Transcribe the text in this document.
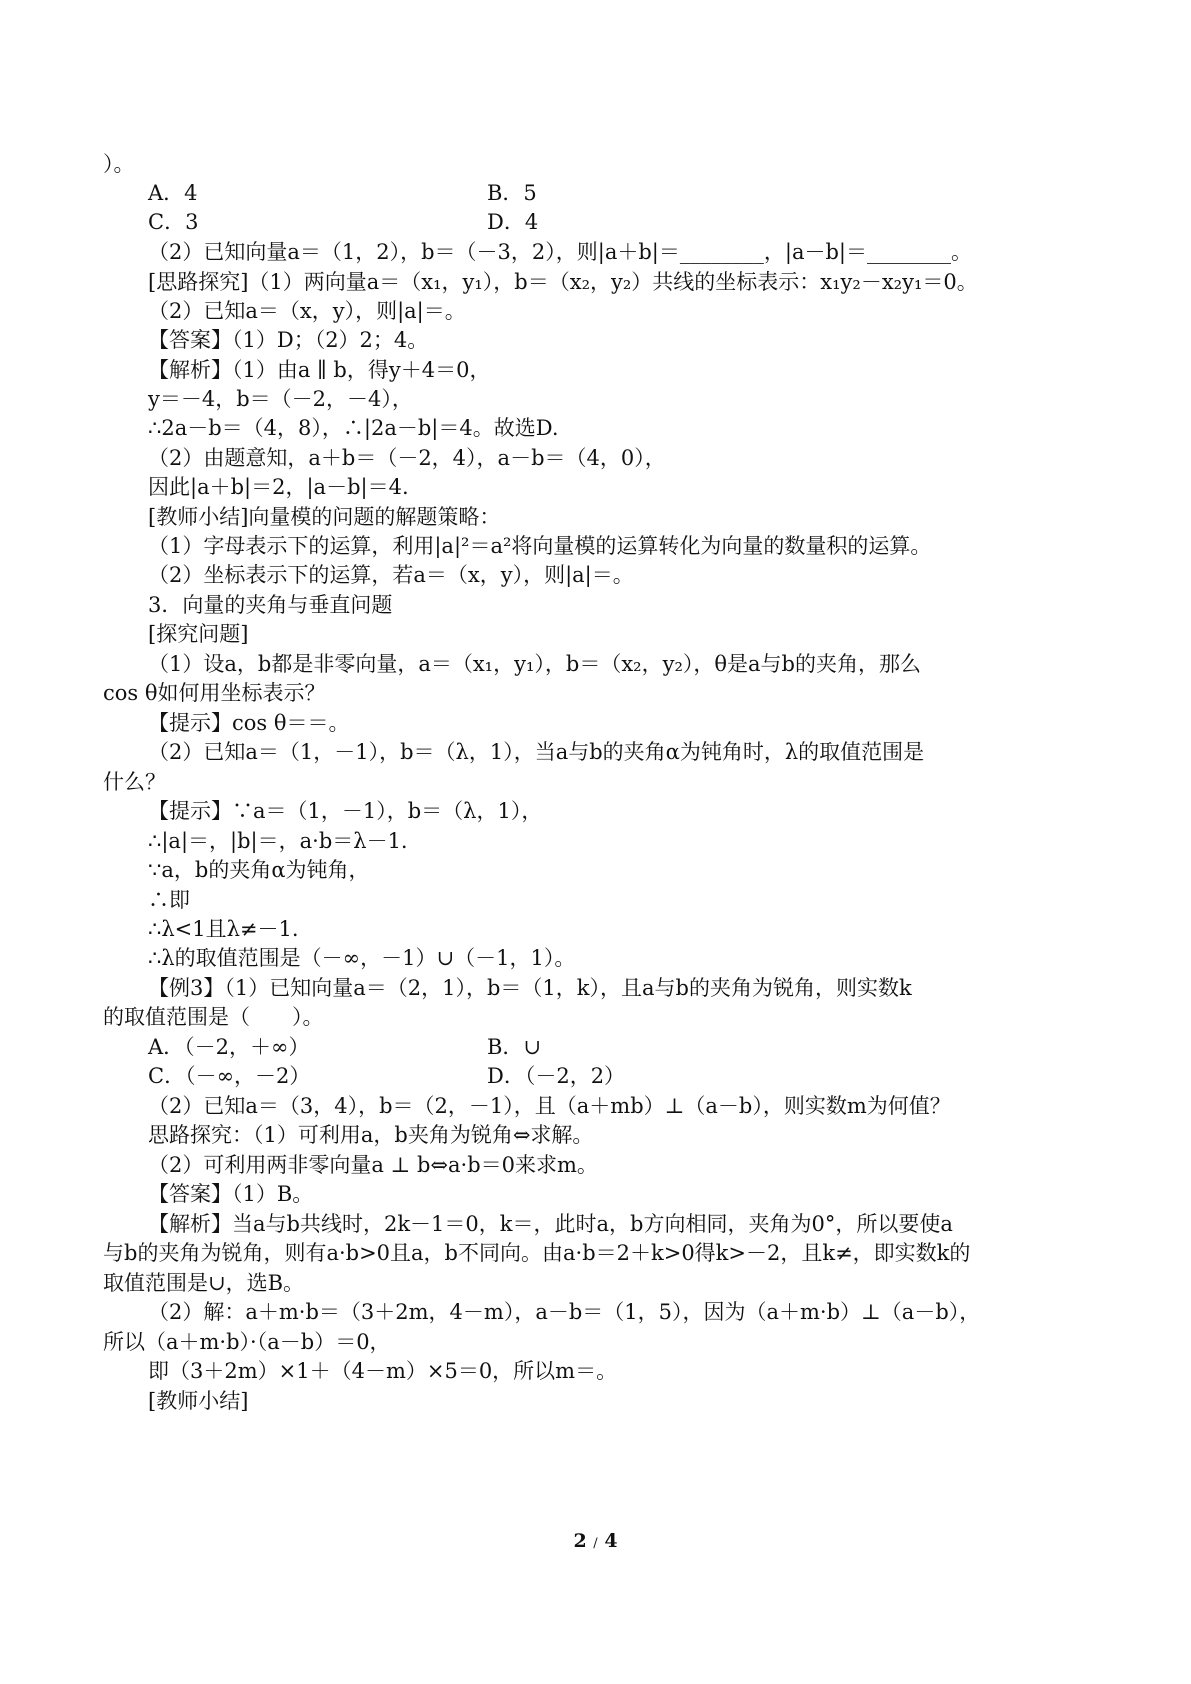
）。
A．4	B．5
C．3	D．4
（2）已知向量a＝（1，2），b＝（－3，2），则|a＋b|＝________，|a－b|＝________。
[思路探究]（1）两向量a＝（x₁，y₁），b＝（x₂，y₂）共线的坐标表示：x₁y₂－x₂y₁＝0。
（2）已知a＝（x，y），则|a|＝。
【答案】（1）D；（2）2；4。
【解析】（1）由a ∥ b，得y＋4＝0，
y＝－4，b＝（－2，－4），
∴2a－b＝（4，8），∴|2a－b|＝4。故选D.
（2）由题意知，a＋b＝（－2，4），a－b＝（4，0），
因此|a＋b|＝2，|a－b|＝4.
[教师小结]向量模的问题的解题策略：
（1）字母表示下的运算，利用|a|²＝a²将向量模的运算转化为向量的数量积的运算。
（2）坐标表示下的运算，若a＝（x，y），则|a|＝。
3．向量的夹角与垂直问题
[探究问题]
（1）设a，b都是非零向量，a＝（x₁，y₁），b＝（x₂，y₂），θ是a与b的夹角，那么
cos θ如何用坐标表示？
【提示】cos θ＝＝。
（2）已知a＝（1，－1），b＝（λ，1），当a与b的夹角α为钝角时，λ的取值范围是
什么？
【提示】∵a＝（1，－1），b＝（λ，1），
∴|a|＝，|b|＝，a·b＝λ－1.
∵a，b的夹角α为钝角，
∴即
∴λ<1且λ≠－1.
∴λ的取值范围是（－∞，－1）∪（－1，1）。
【例3】（1）已知向量a＝（2，1），b＝（1，k），且a与b的夹角为锐角，则实数k
的取值范围是（　　）。
A．（－2，＋∞）	B．∪
C．（－∞，－2）	D．（－2，2）
（2）已知a＝（3，4），b＝（2，－1），且（a＋mb）⊥（a－b），则实数m为何值？
思路探究：（1）可利用a，b夹角为锐角⇔求解。
（2）可利用两非零向量a ⊥ b⇔a·b＝0来求m。
【答案】（1）B。
【解析】当a与b共线时，2k－1＝0，k＝，此时a，b方向相同，夹角为0°，所以要使a
与b的夹角为锐角，则有a·b>0且a，b不同向。由a·b＝2＋k>0得k>－2，且k≠，即实数k的
取值范围是∪，选B。
（2）解：a＋m·b＝（3＋2m，4－m），a－b＝（1，5），因为（a＋m·b）⊥（a－b），
所以（a＋m·b）·（a－b）＝0，
即（3＋2m）×1＋（4－m）×5＝0，所以m＝。
[教师小结]
2 / 4
